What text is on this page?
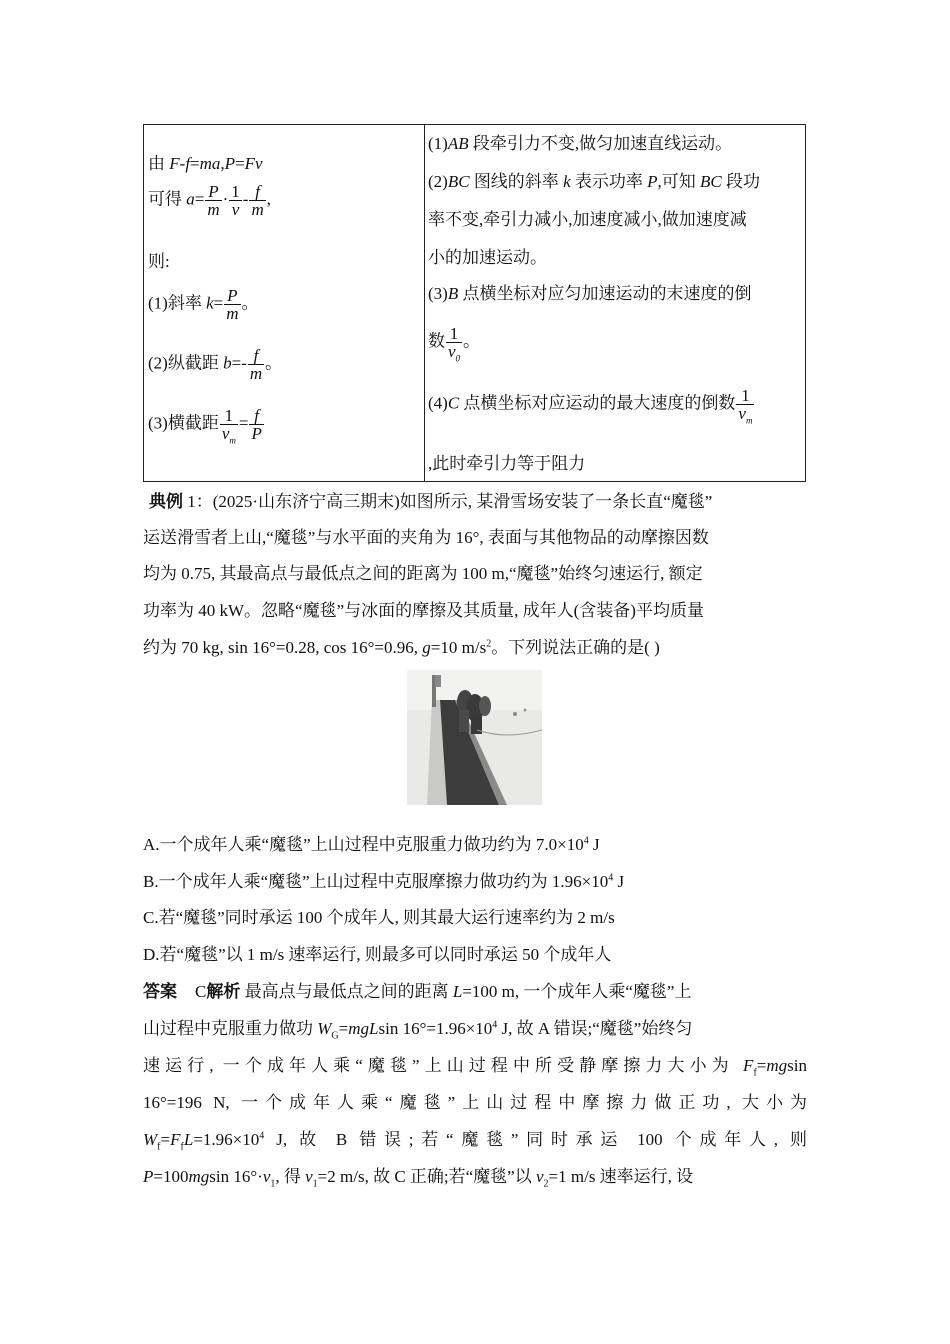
由 F-f=ma,P=Fv
可得 $a= \frac{P}{m} \cdot \frac{1}{v} - \frac{f}{m}$ ,
则:
(1)斜率 $k= \frac{P}{m}$ 。
(2)纵截距 $b=- \frac{f}{m}$ 。
(3)横截距 $\frac{1}{v_m} = \frac{f}{P}$
(1)AB 段牵引力不变,做匀加速直线运动。
(2)BC 图线的斜率 k 表示功率 P,可知 BC 段功
率不变,牵引力减小,加速度减小,做加速度减
小的加速运动。
(3)B 点横坐标对应匀加速运动的末速度的倒
数 $\frac{1}{v_0}$ 。
(4)C 点横坐标对应运动的最大速度的倒数 $\frac{1}{v_m}$
,此时牵引力等于阻力
典例 1：(2025·山东济宁高三期末)如图所示, 某滑雪场安装了一条长直“魔毯”
运送滑雪者上山,“魔毯”与水平面的夹角为 16°, 表面与其他物品的动摩擦因数
均为 0.75, 其最高点与最低点之间的距离为 100 m,“魔毯”始终匀速运行, 额定
功率为 40 kW。忽略“魔毯”与冰面的摩擦及其质量, 成年人(含装备)平均质量
约为 70 kg, sin 16°=0.28, cos 16°=0.96, g=10 $m/s^2$。下列说法正确的是( )
A.一个成年人乘“魔毯”上山过程中克服重力做功约为 $7.0\times 10^4$ J
B.一个成年人乘“魔毯”上山过程中克服摩擦力做功约为 $1.96\times 10^4$ J
C.若“魔毯”同时承运 100 个成年人, 则其最大运行速率约为 2 m/s
D.若“魔毯”以 1 m/s 速率运行, 则最多可以同时承运 50 个成年人
答案 C解析 最高点与最低点之间的距离 L=100 m, 一个成年人乘“魔毯”上
山过程中克服重力做功 $W_G=mgLsin$ $16^\circ=1.96\times 10^4$ J, 故 A 错误;“魔毯”始终匀
速运行, 一个成年人乘“魔毯”上山过程中所受静摩擦力大小为 $F_f=mgsin$
16°=196 N, 一个成年人乘“魔毯”上山过程中摩擦力做正功, 大小为
$W_f=F_fL=1.96\times 10^4$ J, 故 B 错误;若“魔毯”同时承运 100 个成年人, 则
P=100mgsin $16^\circ\cdot v_1$, 得 $v_1=2$ m/s, 故 C 正确;若“魔毯”以 $v_2=1$ m/s 速率运行, 设
